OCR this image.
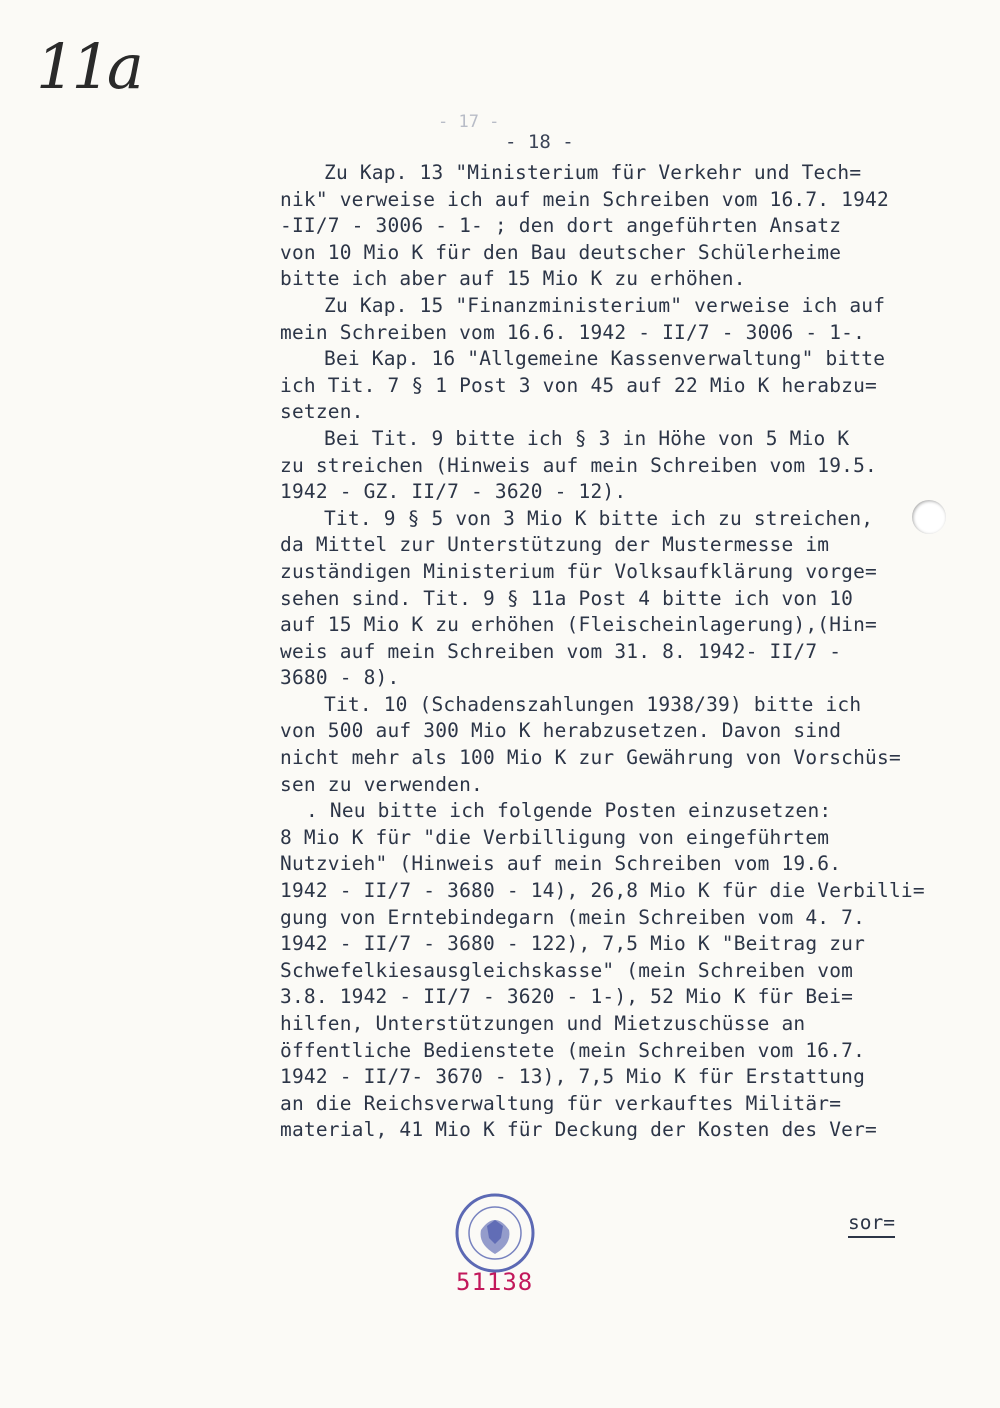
11a
- 17 -
- 18 -
Zu Kap. 13 "Ministerium für Verkehr und Tech=
nik" verweise ich auf mein Schreiben vom 16.7. 1942
-II/7 - 3006 - 1- ; den dort angeführten Ansatz
von 10 Mio K für den Bau deutscher Schülerheime
bitte ich aber auf 15 Mio K zu erhöhen.
Zu Kap. 15 "Finanzministerium" verweise ich auf
mein Schreiben vom 16.6. 1942 - II/7 - 3006 - 1-.
Bei Kap. 16 "Allgemeine Kassenverwaltung" bitte
ich Tit. 7 § 1 Post 3 von 45 auf 22 Mio K herabzu=
setzen.
Bei Tit. 9 bitte ich § 3 in Höhe von 5 Mio K
zu streichen (Hinweis auf mein Schreiben vom 19.5.
1942 - GZ. II/7 - 3620 - 12).
Tit. 9 § 5 von 3 Mio K bitte ich zu streichen,
da Mittel zur Unterstützung der Mustermesse im
zuständigen Ministerium für Volksaufklärung vorge=
sehen sind. Tit. 9 § 11a Post 4 bitte ich von 10
auf 15 Mio K zu erhöhen (Fleischeinlagerung),(Hin=
weis auf mein Schreiben vom 31. 8. 1942- II/7 -
3680 - 8).
Tit. 10 (Schadenszahlungen 1938/39) bitte ich
von 500 auf 300 Mio K herabzusetzen. Davon sind
nicht mehr als 100 Mio K zur Gewährung von Vorschüs=
sen zu verwenden.
. Neu bitte ich folgende Posten einzusetzen:
8 Mio K für "die Verbilligung von eingeführtem
Nutzvieh" (Hinweis auf mein Schreiben vom 19.6.
1942 - II/7 - 3680 - 14), 26,8 Mio K für die Verbilli=
gung von Erntebindegarn (mein Schreiben vom 4. 7.
1942 - II/7 - 3680 - 122), 7,5 Mio K "Beitrag zur
Schwefelkiesausgleichskasse" (mein Schreiben vom
3.8. 1942 - II/7 - 3620 - 1-), 52 Mio K für Bei=
hilfen, Unterstützungen und Mietzuschüsse an
öffentliche Bedienstete (mein Schreiben vom 16.7.
1942 - II/7- 3670 - 13), 7,5 Mio K für Erstattung
an die Reichsverwaltung für verkauftes Militär=
material, 41 Mio K für Deckung der Kosten des Ver=
sor=
51138
